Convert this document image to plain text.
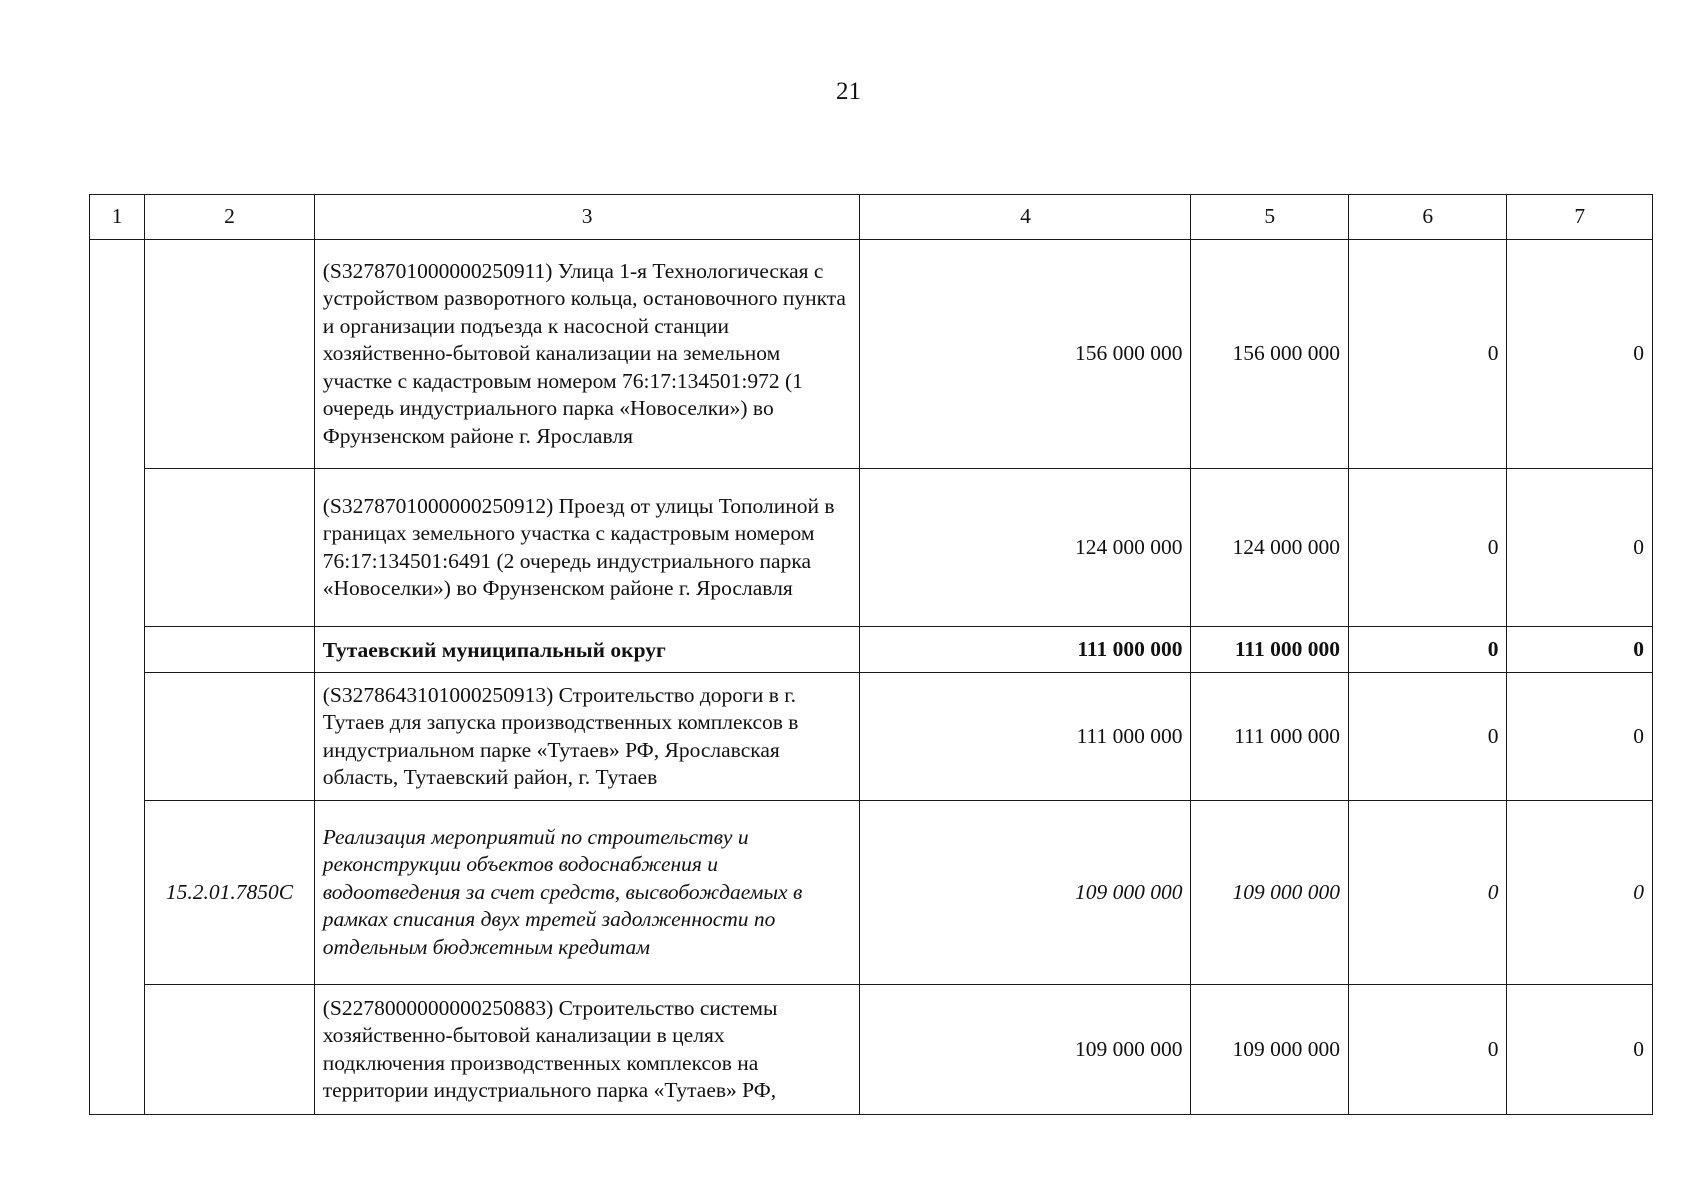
21
1	2	3	4	5	6	7
		(S3278701000000250911) Улица 1-я Технологическая с устройством разворотного кольца, остановочного пункта и организации подъезда к насосной станции хозяйственно-бытовой канализации на земельном участке с кадастровым номером 76:17:134501:972 (1 очередь индустриального парка «Новоселки») во Фрунзенском районе г. Ярославля	156 000 000	156 000 000	0	0
		(S3278701000000250912) Проезд от улицы Тополиной в границах земельного участка с кадастровым номером 76:17:134501:6491 (2 очередь индустриального парка «Новоселки») во Фрунзенском районе г. Ярославля	124 000 000	124 000 000	0	0
		Тутаевский муниципальный округ	111 000 000	111 000 000	0	0
		(S3278643101000250913) Строительство дороги в г. Тутаев для запуска производственных комплексов в индустриальном парке «Тутаев» РФ, Ярославская область, Тутаевский район, г. Тутаев	111 000 000	111 000 000	0	0
	15.2.01.7850С	Реализация мероприятий по строительству и реконструкции объектов водоснабжения и водоотведения за счет средств, высвобождаемых в рамках списания двух третей задолженности по отдельным бюджетным кредитам	109 000 000	109 000 000	0	0
		(S2278000000000250883) Строительство системы хозяйственно-бытовой канализации в целях подключения производственных комплексов на территории индустриального парка «Тутаев» РФ,	109 000 000	109 000 000	0	0
